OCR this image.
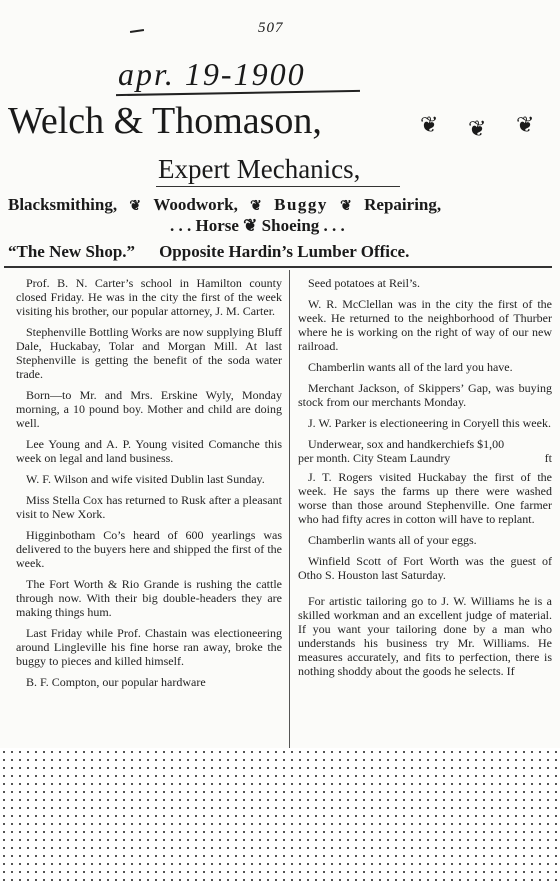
507
apr. 19-1900
Welch & Thomason,	❦ ❦ ❦
Expert Mechanics,
Blacksmithing, ❦ Woodwork, ❦ Buggy ❦ Repairing,
. . . Horse ❦ Shoeing . . .
“The New Shop.” Opposite Hardin’s Lumber Office.

Prof. B. N. Carter’s school in Hamilton county closed Friday. He was in the city the first of the week visiting his brother, our popular attorney, J. M. Carter.

Stephenville Bottling Works are now supplying Bluff Dale, Huckabay, Tolar and Morgan Mill. At last Stephenville is getting the benefit of the soda water trade.

Born—to Mr. and Mrs. Erskine Wyly, Monday morning, a 10 pound boy. Mother and child are doing well.

Lee Young and A. P. Young visited Comanche this week on legal and land business.

W. F. Wilson and wife visited Dublin last Sunday.

Miss Stella Cox has returned to Rusk after a pleasant visit to New Xork.

Higginbotham Co’s heard of 600 yearlings was delivered to the buyers here and shipped the first of the week.

The Fort Worth & Rio Grande is rushing the cattle through now. With their big double-headers they are making things hum.

Last Friday while Prof. Chastain was electioneering around Lingleville his fine horse ran away, broke the buggy to pieces and killed himself.

B. F. Compton, our popular hardware

Seed potatoes at Reil’s.

W. R. McClellan was in the city the first of the week. He returned to the neighborhood of Thurber where he is working on the right of way of our new railroad.

Chamberlin wants all of the lard you have.

Merchant Jackson, of Skippers’ Gap, was buying stock from our merchants Monday.

J. W. Parker is electioneering in Coryell this week.

Underwear, sox and handkerchiefs $1,00

per month. City Steam Laundry	ft

J. T. Rogers visited Huckabay the first of the week. He says the farms up there were washed worse than those around Stephenville. One farmer who had fifty acres in cotton will have to replant.

Chamberlin wants all of your eggs.

Winfield Scott of Fort Worth was the guest of Otho S. Houston last Saturday.

For artistic tailoring go to J. W. Williams he is a skilled workman and an excellent judge of material. If you want your tailoring done by a man who understands his business try Mr. Williams. He measures accurately, and fits to perfection, there is nothing shoddy about the goods he selects. If
